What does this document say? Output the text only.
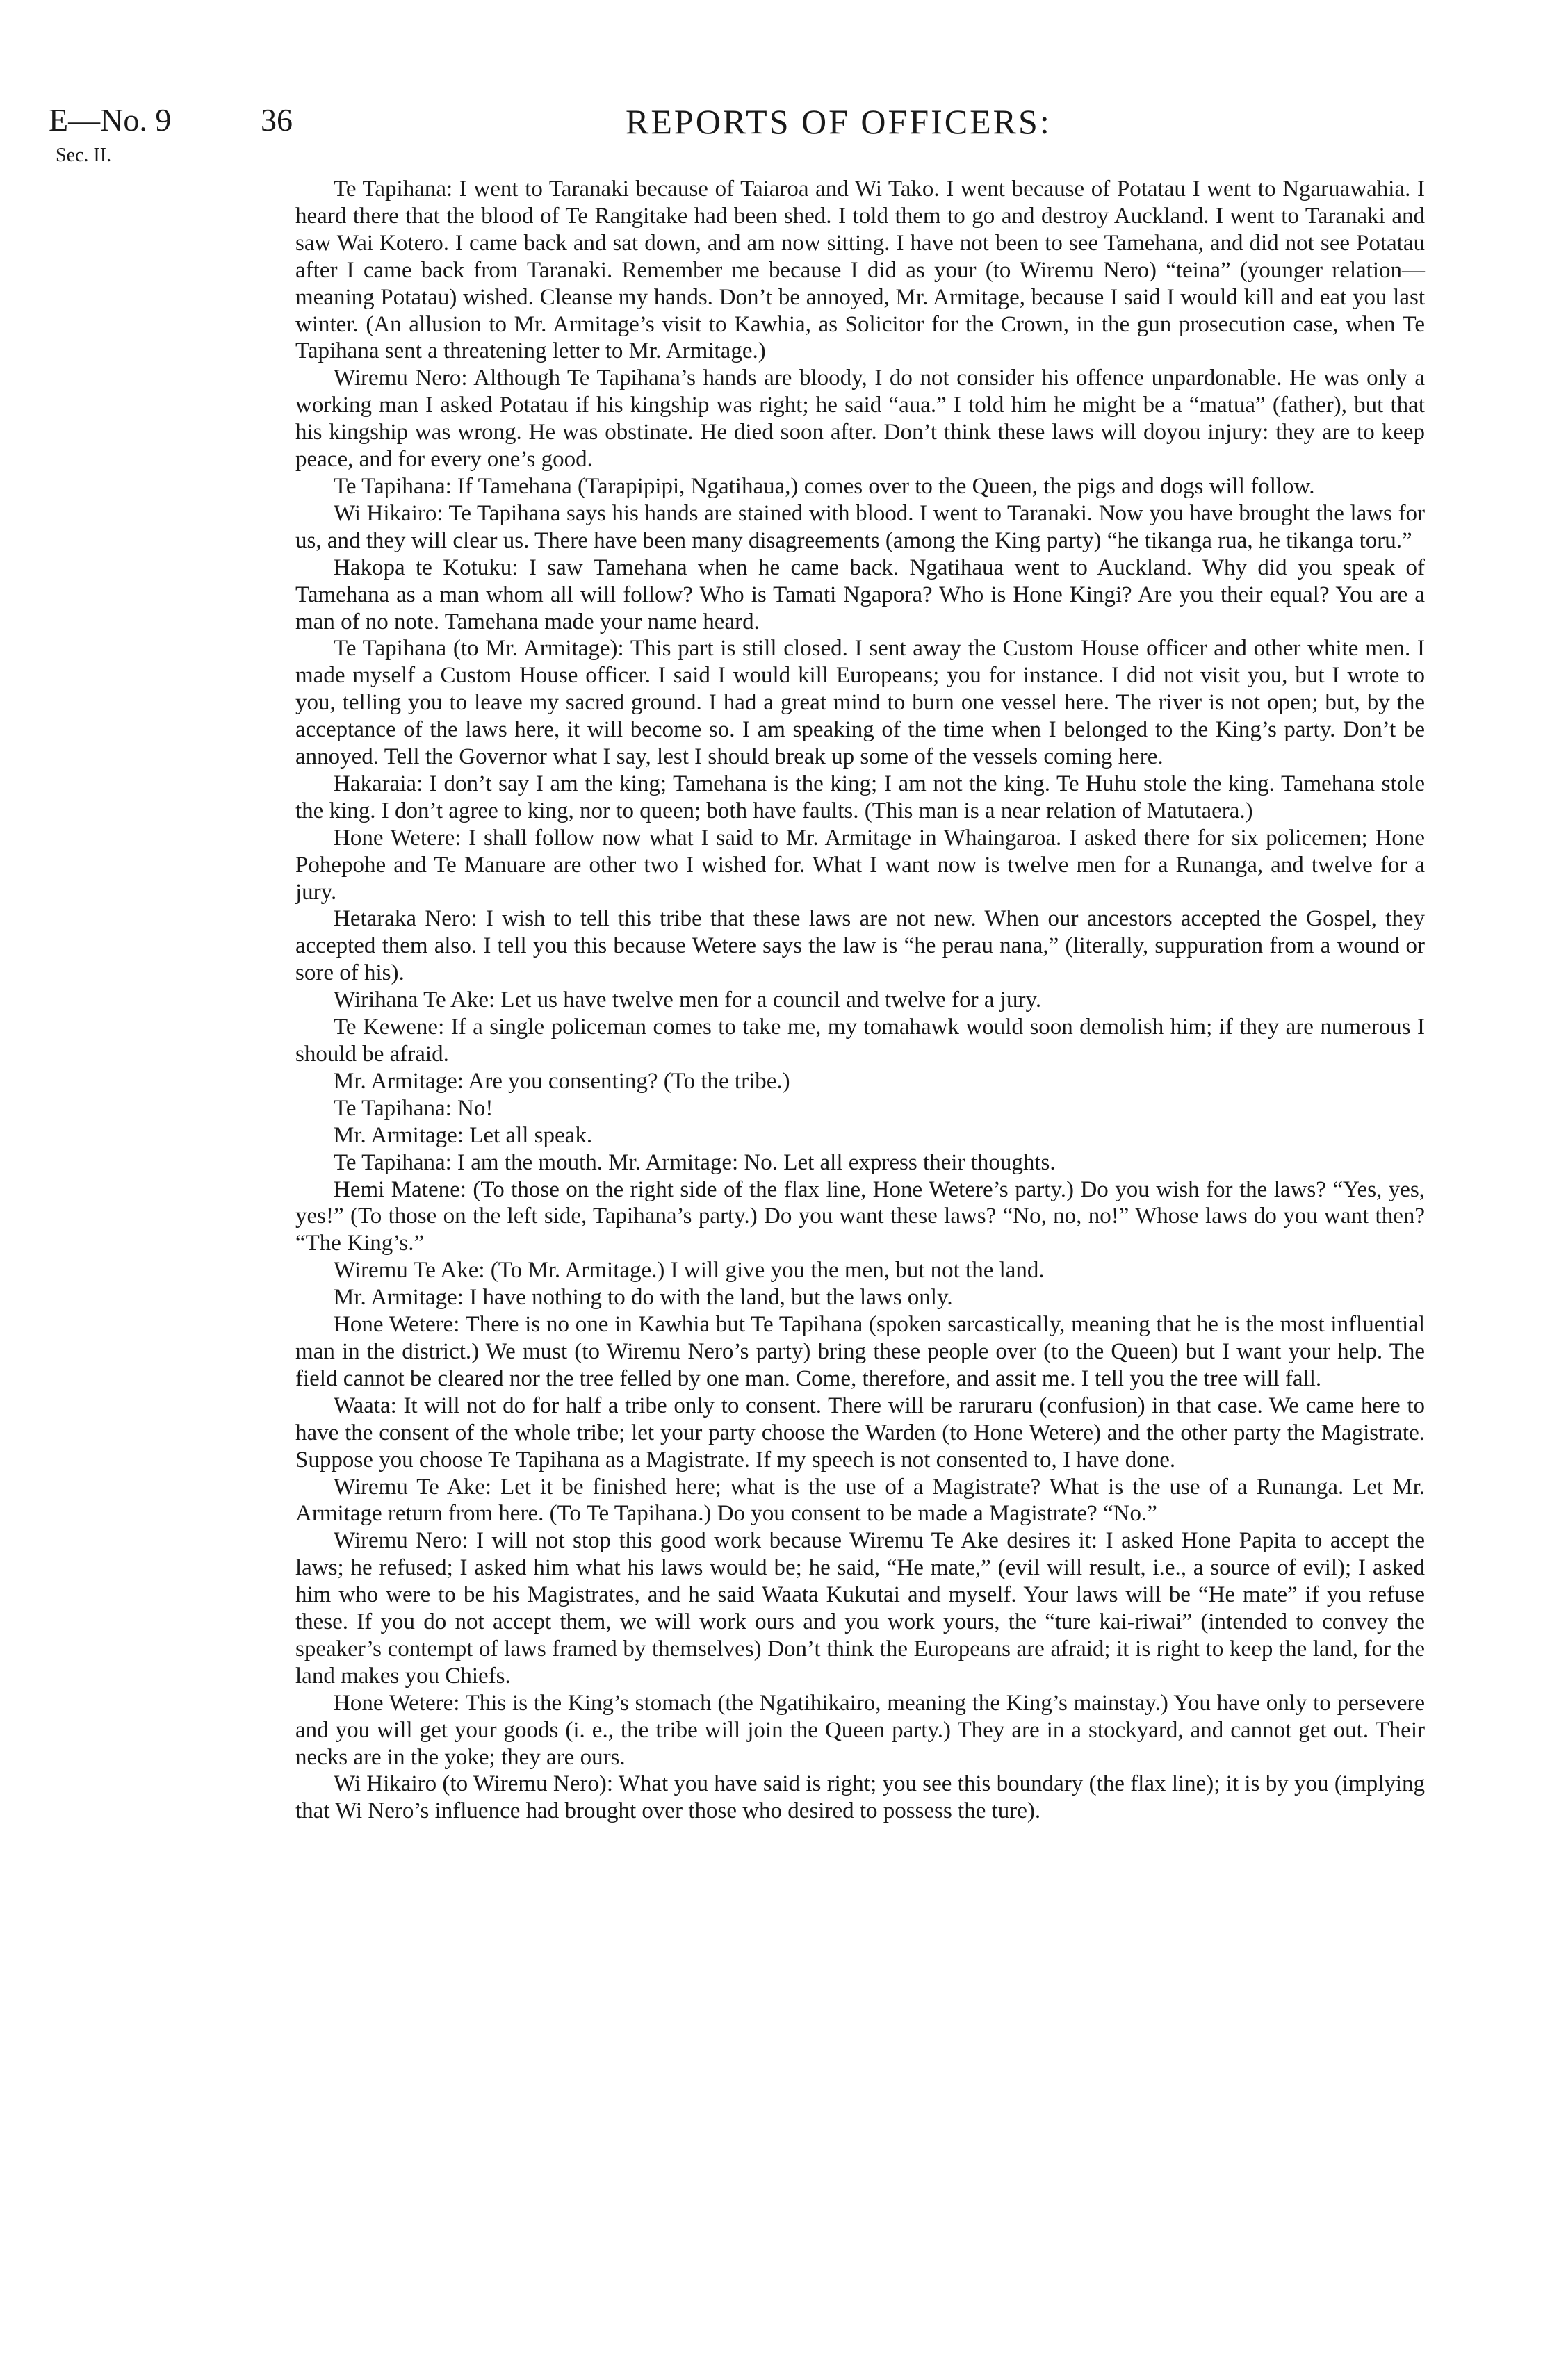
E—No. 9
Sec. II.
36	REPORTS OF OFFICERS:

Te Tapihana: I went to Taranaki because of Taiaroa and Wi Tako. I went because of Potatau I went to Ngaruawahia. I heard there that the blood of Te Rangitake had been shed. I told them to go and destroy Auckland. I went to Taranaki and saw Wai Kotero. I came back and sat down, and am now sitting. I have not been to see Tamehana, and did not see Potatau after I came back from Taranaki. Remember me because I did as your (to Wiremu Nero) “teina” (younger relation—meaning Potatau) wished. Cleanse my hands. Don’t be annoyed, Mr. Armitage, because I said I would kill and eat you last winter. (An allusion to Mr. Armitage’s visit to Kawhia, as Solicitor for the Crown, in the gun prosecution case, when Te Tapihana sent a threatening letter to Mr. Armitage.)

Wiremu Nero: Although Te Tapihana’s hands are bloody, I do not consider his offence unpardonable. He was only a working man I asked Potatau if his kingship was right; he said “aua.” I told him he might be a “matua” (father), but that his kingship was wrong. He was obstinate. He died soon after. Don’t think these laws will doyou injury: they are to keep peace, and for every one’s good.

Te Tapihana: If Tamehana (Tarapipipi, Ngatihaua,) comes over to the Queen, the pigs and dogs will follow.

Wi Hikairo: Te Tapihana says his hands are stained with blood. I went to Taranaki. Now you have brought the laws for us, and they will clear us. There have been many disagreements (among the King party) “he tikanga rua, he tikanga toru.”

Hakopa te Kotuku: I saw Tamehana when he came back. Ngatihaua went to Auckland. Why did you speak of Tamehana as a man whom all will follow? Who is Tamati Ngapora? Who is Hone Kingi? Are you their equal? You are a man of no note. Tamehana made your name heard.

Te Tapihana (to Mr. Armitage): This part is still closed. I sent away the Custom House officer and other white men. I made myself a Custom House officer. I said I would kill Europeans; you for instance. I did not visit you, but I wrote to you, telling you to leave my sacred ground. I had a great mind to burn one vessel here. The river is not open; but, by the acceptance of the laws here, it will become so. I am speaking of the time when I belonged to the King’s party. Don’t be annoyed. Tell the Governor what I say, lest I should break up some of the vessels coming here.

Hakaraia: I don’t say I am the king; Tamehana is the king; I am not the king. Te Huhu stole the king. Tamehana stole the king. I don’t agree to king, nor to queen; both have faults. (This man is a near relation of Matutaera.)

Hone Wetere: I shall follow now what I said to Mr. Armitage in Whaingaroa. I asked there for six policemen; Hone Pohepohe and Te Manuare are other two I wished for. What I want now is twelve men for a Runanga, and twelve for a jury.

Hetaraka Nero: I wish to tell this tribe that these laws are not new. When our ancestors accepted the Gospel, they accepted them also. I tell you this because Wetere says the law is “he perau nana,” (literally, suppuration from a wound or sore of his).

Wirihana Te Ake: Let us have twelve men for a council and twelve for a jury.

Te Kewene: If a single policeman comes to take me, my tomahawk would soon demolish him; if they are numerous I should be afraid.

Mr. Armitage: Are you consenting? (To the tribe.)

Te Tapihana: No!

Mr. Armitage: Let all speak.

Te Tapihana: I am the mouth. Mr. Armitage: No. Let all express their thoughts.

Hemi Matene: (To those on the right side of the flax line, Hone Wetere’s party.) Do you wish for the laws? “Yes, yes, yes!” (To those on the left side, Tapihana’s party.) Do you want these laws? “No, no, no!” Whose laws do you want then? “The King’s.”

Wiremu Te Ake: (To Mr. Armitage.) I will give you the men, but not the land.

Mr. Armitage: I have nothing to do with the land, but the laws only.

Hone Wetere: There is no one in Kawhia but Te Tapihana (spoken sarcastically, meaning that he is the most influential man in the district.) We must (to Wiremu Nero’s party) bring these people over (to the Queen) but I want your help. The field cannot be cleared nor the tree felled by one man. Come, therefore, and assit me. I tell you the tree will fall.

Waata: It will not do for half a tribe only to consent. There will be raruraru (confusion) in that case. We came here to have the consent of the whole tribe; let your party choose the Warden (to Hone Wetere) and the other party the Magistrate. Suppose you choose Te Tapihana as a Magistrate. If my speech is not consented to, I have done.

Wiremu Te Ake: Let it be finished here; what is the use of a Magistrate? What is the use of a Runanga. Let Mr. Armitage return from here. (To Te Tapihana.) Do you consent to be made a Magistrate? “No.”

Wiremu Nero: I will not stop this good work because Wiremu Te Ake desires it: I asked Hone Papita to accept the laws; he refused; I asked him what his laws would be; he said, “He mate,” (evil will result, i.e., a source of evil); I asked him who were to be his Magistrates, and he said Waata Kukutai and myself. Your laws will be “He mate” if you refuse these. If you do not accept them, we will work ours and you work yours, the “ture kai-riwai” (intended to convey the speaker’s contempt of laws framed by themselves) Don’t think the Europeans are afraid; it is right to keep the land, for the land makes you Chiefs.

Hone Wetere: This is the King’s stomach (the Ngatihikairo, meaning the King’s mainstay.) You have only to persevere and you will get your goods (i. e., the tribe will join the Queen party.) They are in a stockyard, and cannot get out. Their necks are in the yoke; they are ours.

Wi Hikairo (to Wiremu Nero): What you have said is right; you see this boundary (the flax line); it is by you (implying that Wi Nero’s influence had brought over those who desired to possess the ture).
